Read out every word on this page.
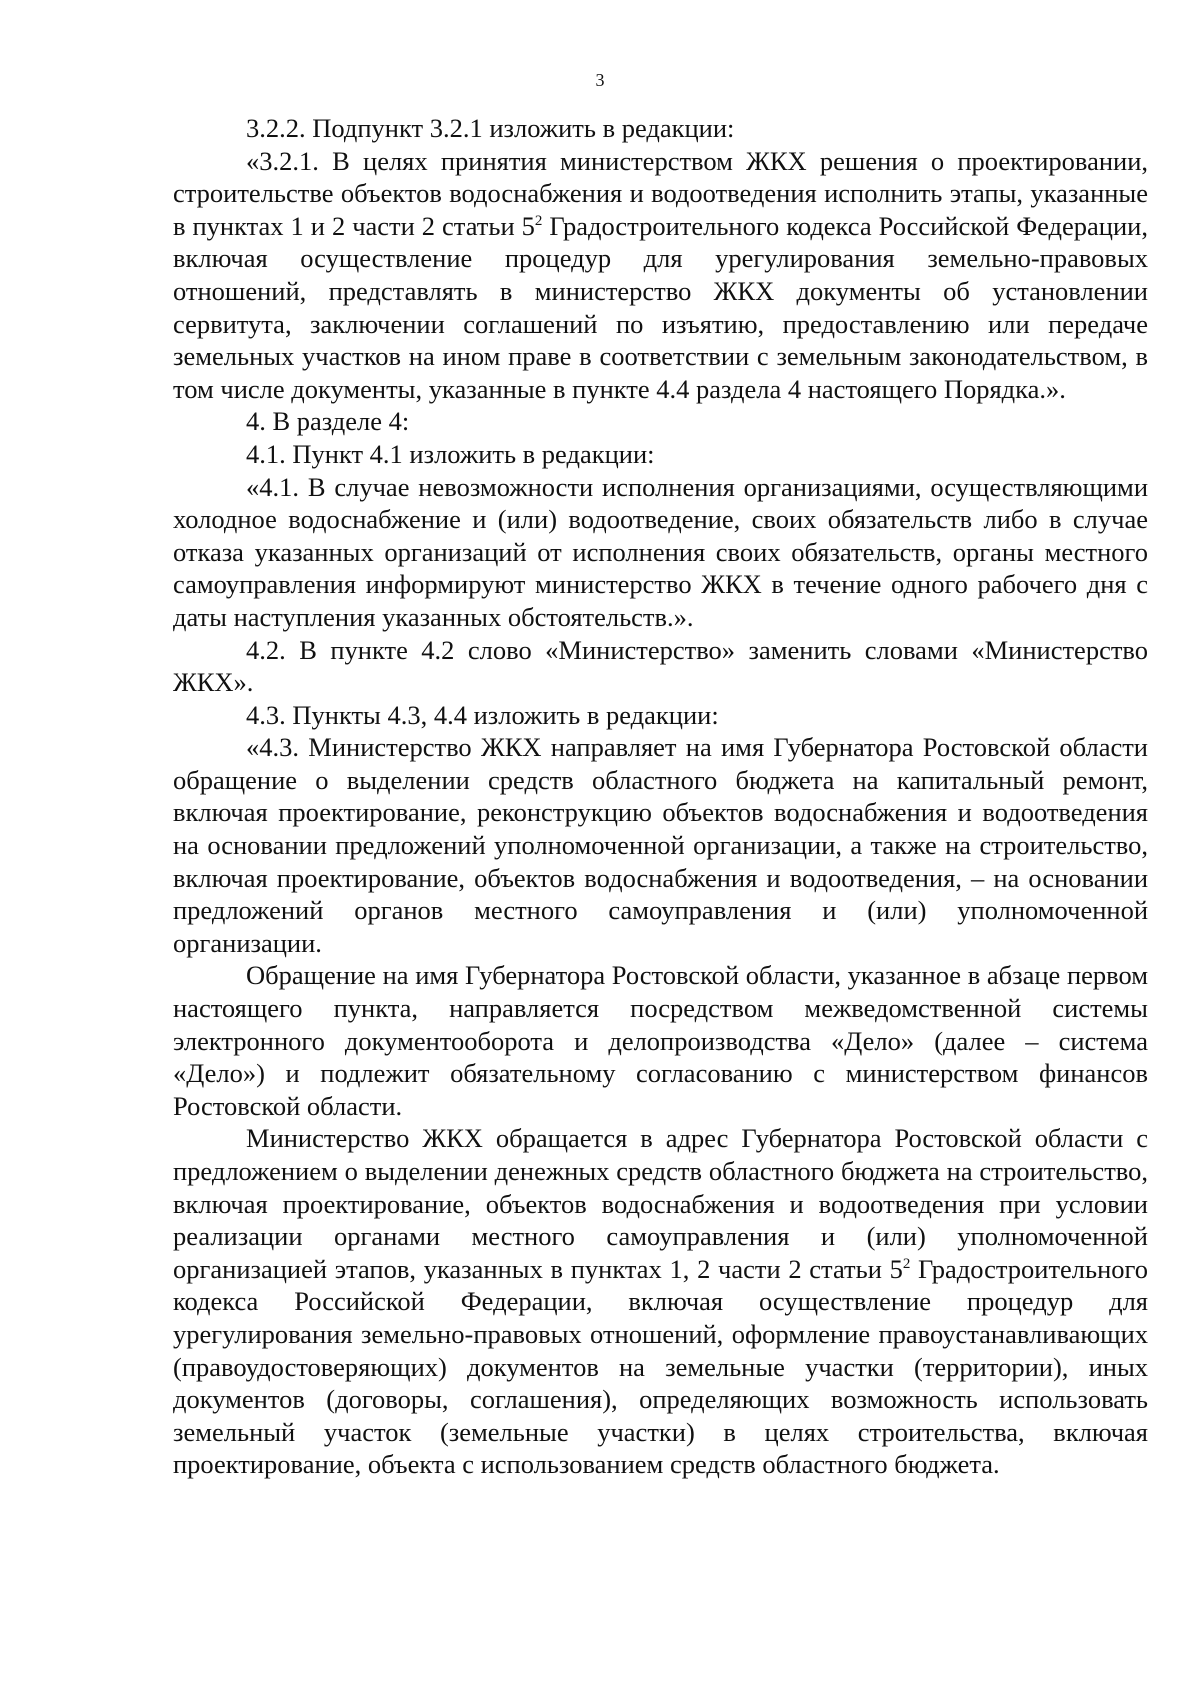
3

3.2.2. Подпункт 3.2.1 изложить в редакции:

«3.2.1. В целях принятия министерством ЖКХ решения о проектировании, строительстве объектов водоснабжения и водоотведения исполнить этапы, указанные в пунктах 1 и 2 части 2 статьи $5^2$ Градостроительного кодекса Российской Федерации, включая осуществление процедур для урегулирования земельно-правовых отношений, представлять в министерство ЖКХ документы об установлении сервитута, заключении соглашений по изъятию, предоставлению или передаче земельных участков на ином праве в соответствии с земельным законодательством, в том числе документы, указанные в пункте 4.4 раздела 4 настоящего Порядка.».

4. В разделе 4:

4.1. Пункт 4.1 изложить в редакции:

«4.1. В случае невозможности исполнения организациями, осуществляющими холодное водоснабжение и (или) водоотведение, своих обязательств либо в случае отказа указанных организаций от исполнения своих обязательств, органы местного самоуправления информируют министерство ЖКХ в течение одного рабочего дня с даты наступления указанных обстоятельств.».

4.2. В пункте 4.2 слово «Министерство» заменить словами «Министерство ЖКХ».

4.3. Пункты 4.3, 4.4 изложить в редакции:

«4.3. Министерство ЖКХ направляет на имя Губернатора Ростовской области обращение о выделении средств областного бюджета на капитальный ремонт, включая проектирование, реконструкцию объектов водоснабжения и водоотведения на основании предложений уполномоченной организации, а также на строительство, включая проектирование, объектов водоснабжения и водоотведения, – на основании предложений органов местного самоуправления и (или) уполномоченной организации.

Обращение на имя Губернатора Ростовской области, указанное в абзаце первом настоящего пункта, направляется посредством межведомственной системы электронного документооборота и делопроизводства «Дело» (далее – система «Дело») и подлежит обязательному согласованию с министерством финансов Ростовской области.

Министерство ЖКХ обращается в адрес Губернатора Ростовской области с предложением о выделении денежных средств областного бюджета на строительство, включая проектирование, объектов водоснабжения и водоотведения при условии реализации органами местного самоуправления и (или) уполномоченной организацией этапов, указанных в пунктах 1, 2 части 2 статьи $5^2$ Градостроительного кодекса Российской Федерации, включая осуществление процедур для урегулирования земельно-правовых отношений, оформление правоустанавливающих (правоудостоверяющих) документов на земельные участки (территории), иных документов (договоры, соглашения), определяющих возможность использовать земельный участок (земельные участки) в целях строительства, включая проектирование, объекта с использованием средств областного бюджета.
